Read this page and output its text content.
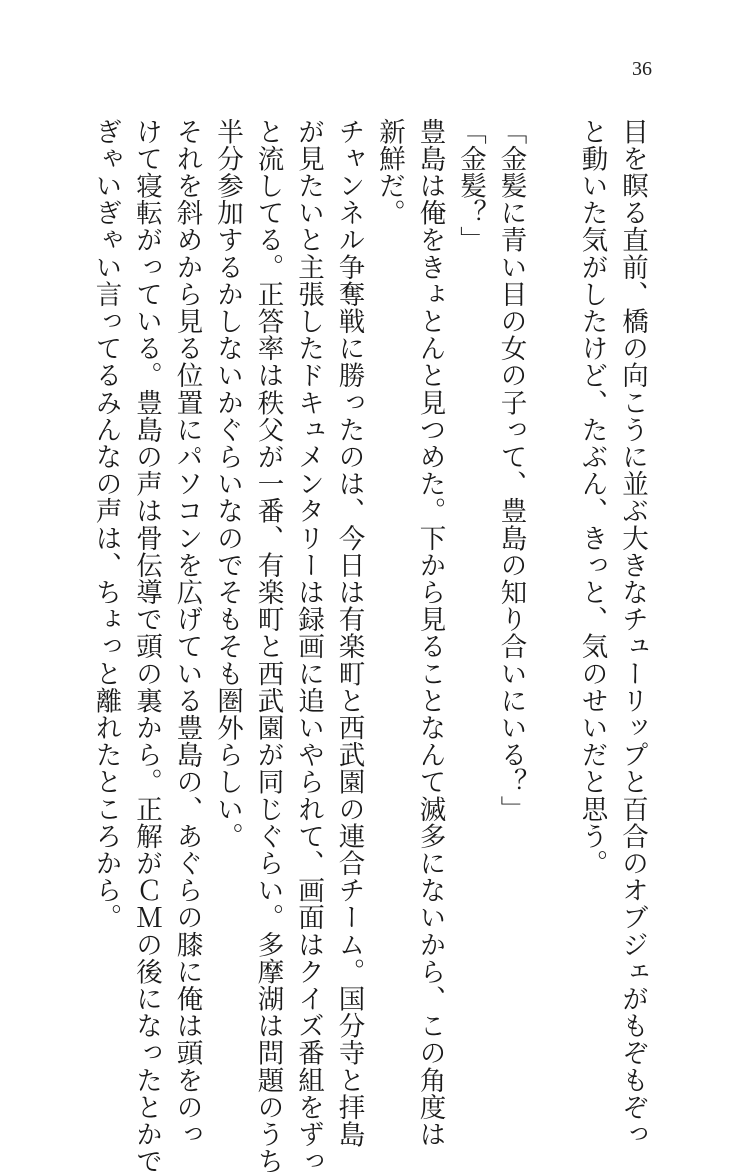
36
目を瞑る直前、橋の向こうに並ぶ大きなチューリップと百合のオブジェがもぞもぞっ
と動いた気がしたけど、たぶん、きっと、気のせいだと思う。
「金髪に青い目の女の子って、豊島の知り合いにいる？」
「金髪？」
豊島は俺をきょとんと見つめた。下から見ることなんて滅多にないから、この角度は
新鮮だ。
チャンネル争奪戦に勝ったのは、今日は有楽町と西武園の連合チーム。国分寺と拝島
が見たいと主張したドキュメンタリーは録画に追いやられて、画面はクイズ番組をずっ
と流してる。正答率は秩父が一番、有楽町と西武園が同じぐらい。多摩湖は問題のうち
半分参加するかしないかぐらいなのでそもそも圏外らしい。
それを斜めから見る位置にパソコンを広げている豊島の、あぐらの膝に俺は頭をのっ
けて寝転がっている。豊島の声は骨伝導で頭の裏から。正解がＣＭの後になったとかで
ぎゃいぎゃい言ってるみんなの声は、ちょっと離れたところから。
